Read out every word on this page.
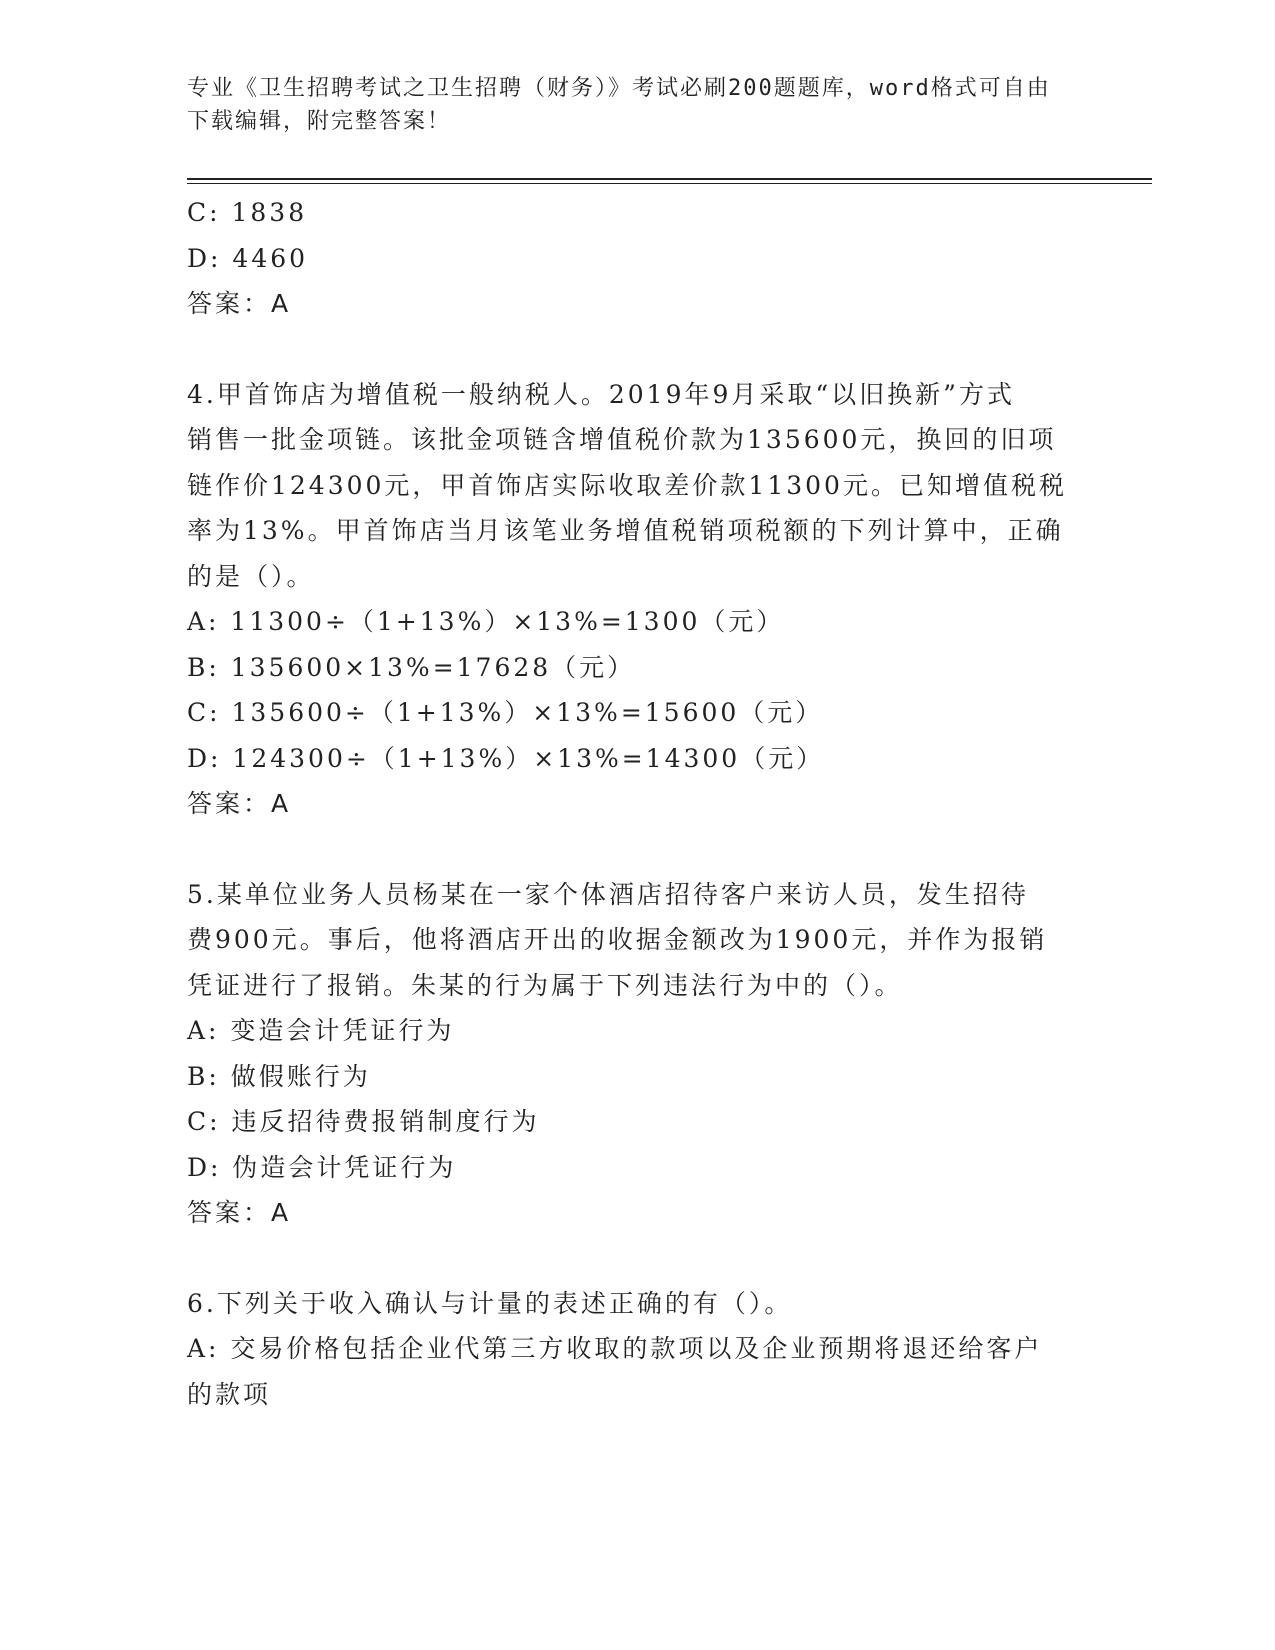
专业《卫生招聘考试之卫生招聘（财务）》考试必刷200题题库，word格式可自由下载编辑，附完整答案！
C: 1838
D: 4460
答案：A
4.甲首饰店为增值税一般纳税人。2019年9月采取“以旧换新”方式
销售一批金项链。该批金项链含增值税价款为135600元，换回的旧项
链作价124300元，甲首饰店实际收取差价款11300元。已知增值税税
率为13%。甲首饰店当月该笔业务增值税销项税额的下列计算中，正确
的是（）。
A: 11300÷（1+13%）×13%=1300（元）
B: 135600×13%=17628（元）
C: 135600÷（1+13%）×13%=15600（元）
D: 124300÷（1+13%）×13%=14300（元）
答案：A
5.某单位业务人员杨某在一家个体酒店招待客户来访人员，发生招待
费900元。事后，他将酒店开出的收据金额改为1900元，并作为报销
凭证进行了报销。朱某的行为属于下列违法行为中的（）。
A: 变造会计凭证行为
B: 做假账行为
C: 违反招待费报销制度行为
D: 伪造会计凭证行为
答案：A
6.下列关于收入确认与计量的表述正确的有（）。
A: 交易价格包括企业代第三方收取的款项以及企业预期将退还给客户
的款项
